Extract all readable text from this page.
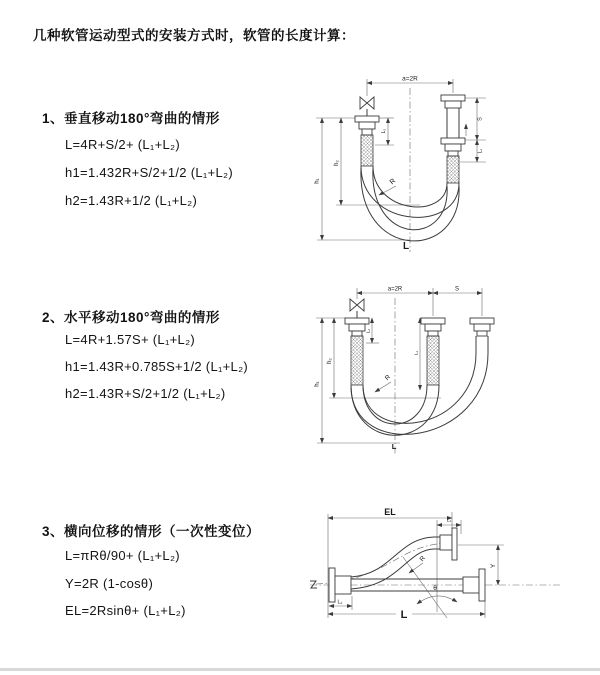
几种软管运动型式的安装方式时，软管的长度计算：
1、垂直移动180°弯曲的情形
L=4R+S/2+ (L₁+L₂)
h1=1.432R+S/2+1/2 (L₁+L₂)
h2=1.43R+1/2 (L₁+L₂)
2、水平移动180°弯曲的情形
L=4R+1.57S+ (L₁+L₂)
h1=1.43R+0.785S+1/2 (L₁+L₂)
h2=1.43R+S/2+1/2 (L₁+L₂)
3、横向位移的情形（一次性变位）
L=πRθ/90+ (L₁+L₂)
Y=2R (1-cosθ)
EL=2Rsinθ+ (L₁+L₂)
a=2R
h₁
h₂
L₂
S
L₁
R
L
a=2R	S
h₁
h₂
L₂
L₁
R
L
EL
L₁
Y
R
θ
L₂
L
